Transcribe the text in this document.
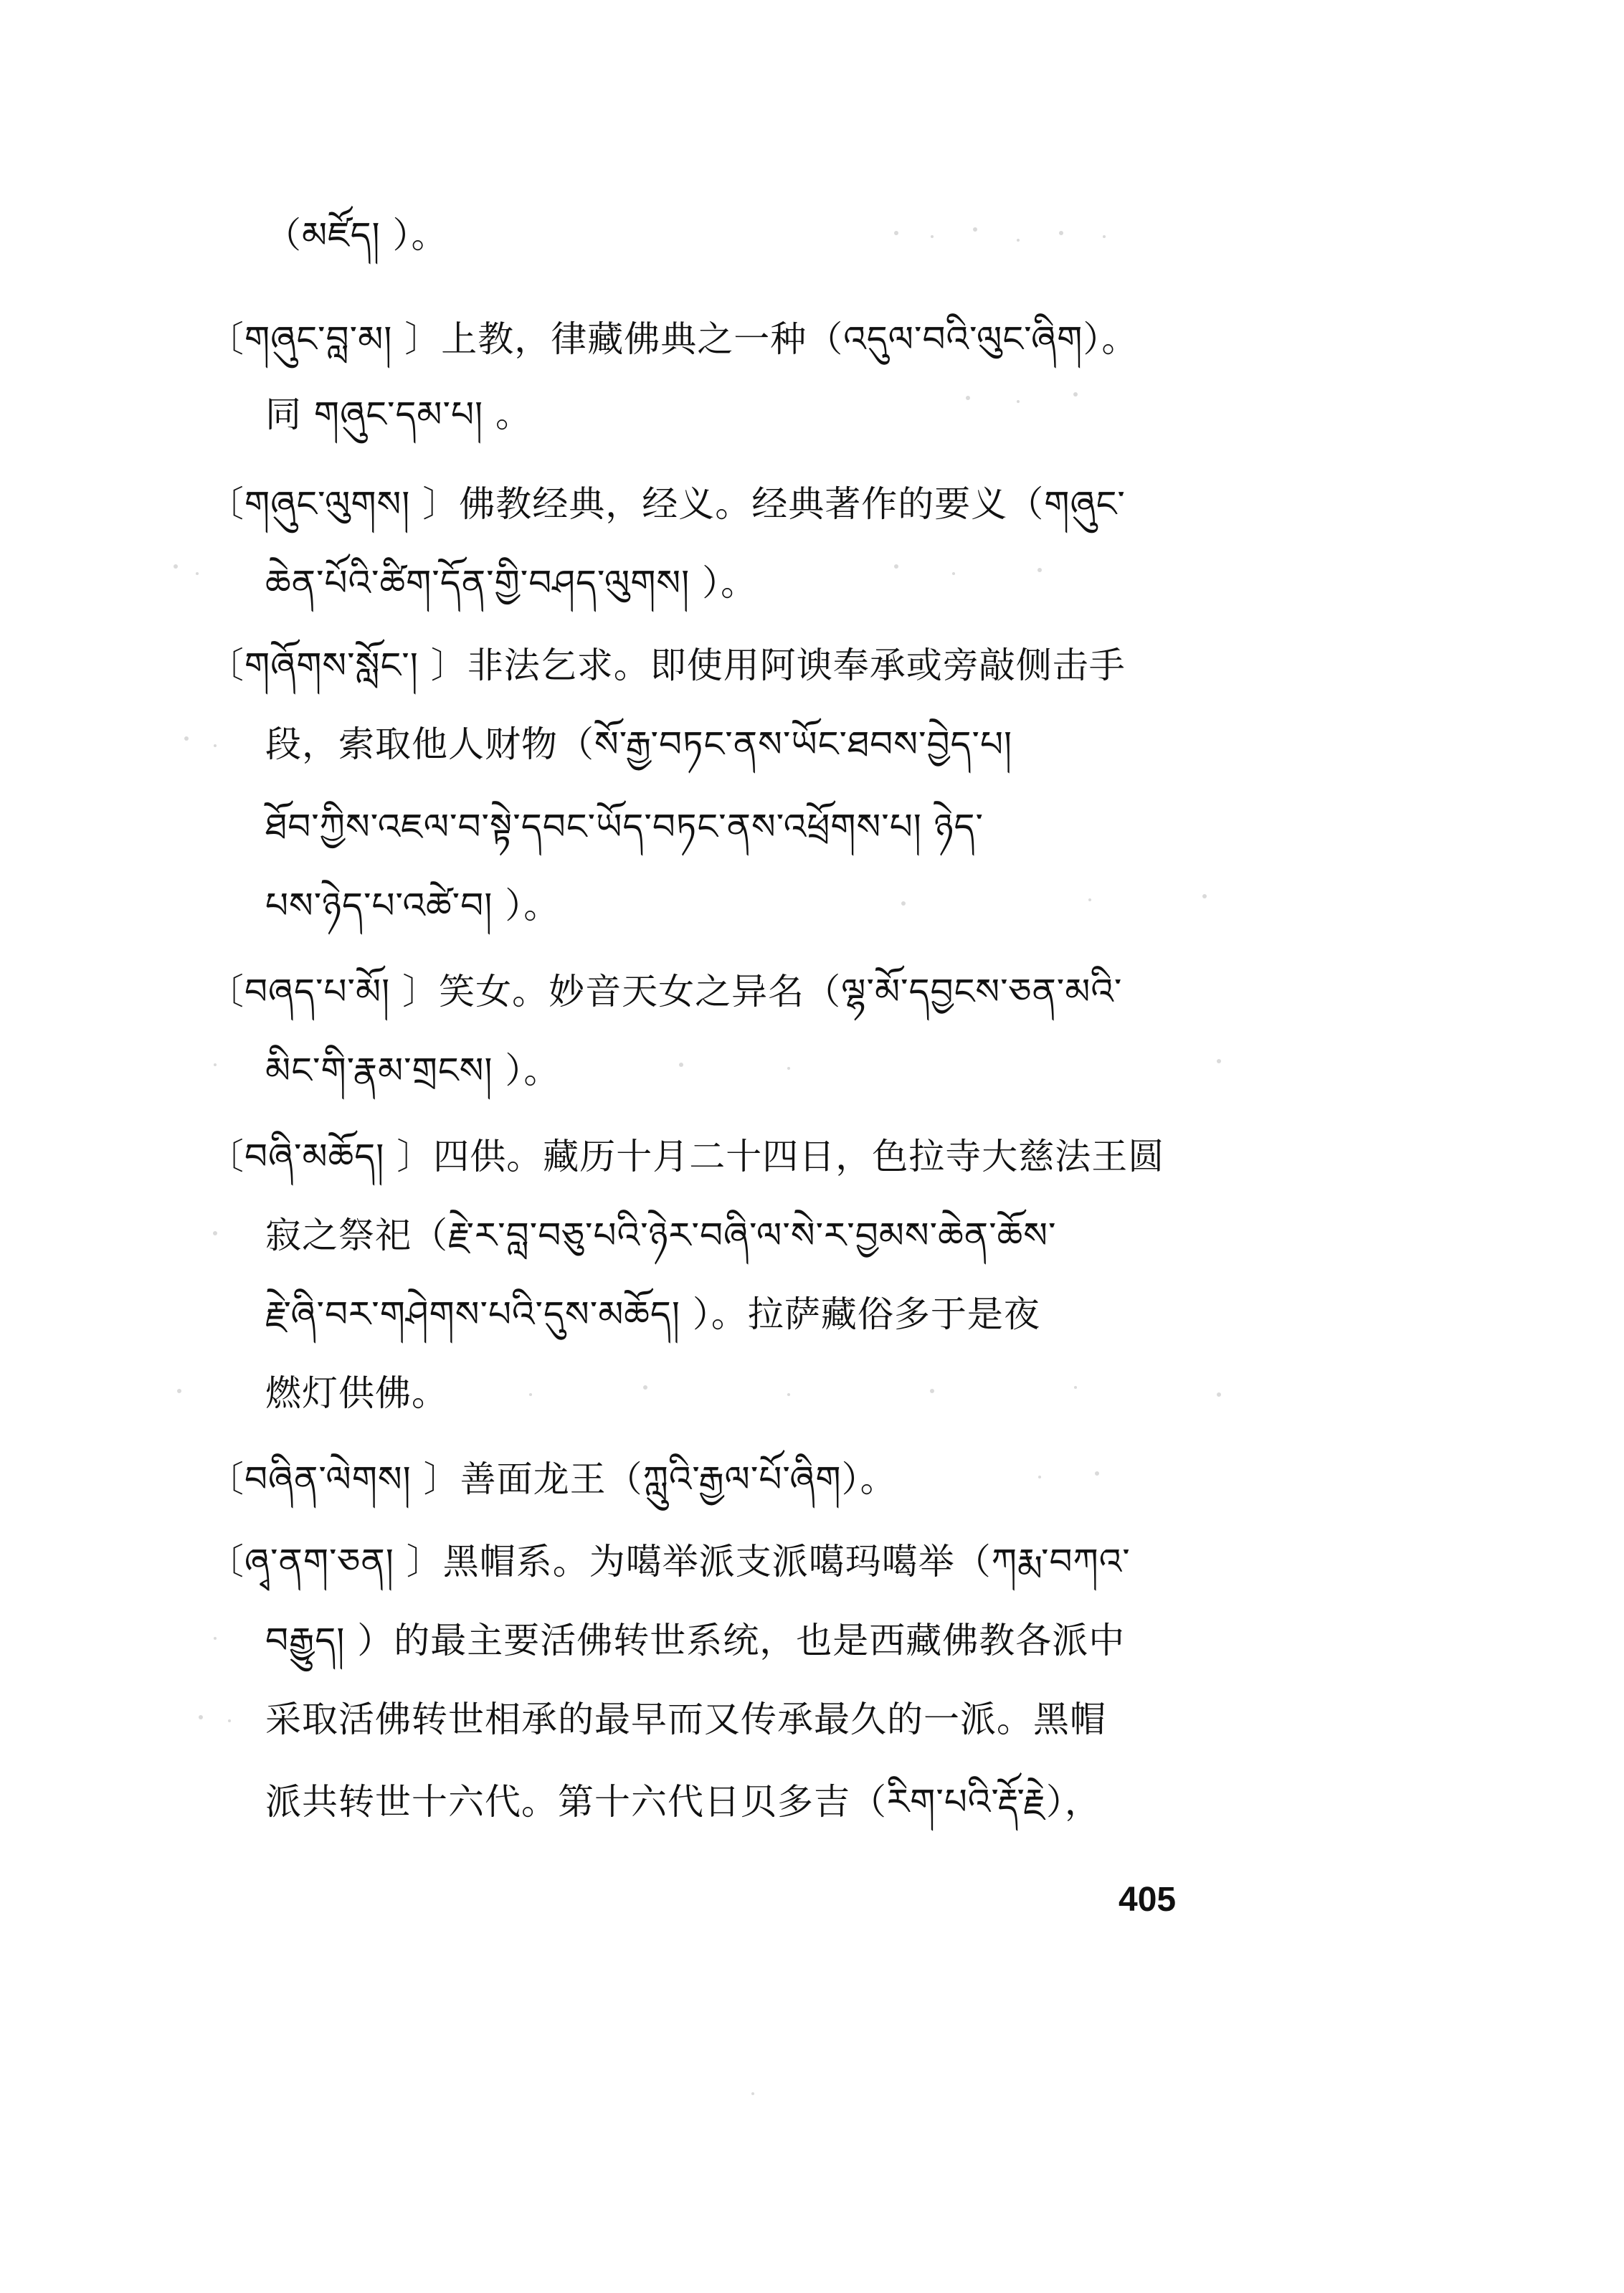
（མཛོད། ）。
〔གཞུང་བླ་མ། 〕上教，律藏佛典之一种（འདུལ་བའི་ལུང་ཞིག）。
同 གཞུང་དམ་པ། 。
〔གཞུང་ལུགས། 〕佛教经典，经义。经典著作的要义（གཞུང་
ཆེན་པོའི་ཚིག་དོན་གྱི་བཤད་ལུགས། ）。
〔གཞོགས་སློང་། 〕非法乞求。即使用阿谀奉承或旁敲侧击手
段，索取他人财物（སོ་རྒྱ་བཏང་ནས་ཡོང་ཐབས་བྱེད་པ།
ཐོབ་ཀྱིས་འཇལ་བ་སྟེ་དབང་ཡོད་བཏང་ནས་འཕྲོགས་པ། ཉེད་
པས་ཉེད་པ་འཚེ་བ། ）。
〔བཞད་པ་མོ། 〕笑女。妙音天女之异名（ལྷ་མོ་དབྱངས་ཅན་མའི་
མིང་གི་རྣམ་གྲངས། ）。
〔བཞི་མཆོད། 〕四供。藏历十月二十四日，色拉寺大慈法王圆
寂之祭祀（རྗེ་ར་བླ་བཅུ་པའི་ཉེར་བཞི་ལ་སེ་ར་བྱམས་ཆེན་ཆོས་
རྗེ་ཞི་བར་གཤེགས་པའི་དུས་མཆོད། ）。拉萨藏俗多于是夜
燃灯供佛。
〔བཞིན་ལེགས། 〕善面龙王（ཀླུའི་རྒྱལ་པོ་ཞིག）。
〔ཞྭ་ནག་ཅན། 〕黑帽系。为噶举派支派噶玛噶举（ཀརྨ་བཀའ་
བརྒྱུད། ）的最主要活佛转世系统，也是西藏佛教各派中
采取活佛转世相承的最早而又传承最久的一派。黑帽
派共转世十六代。第十六代日贝多吉（རིག་པའི་རྡོ་རྗེ），
405
